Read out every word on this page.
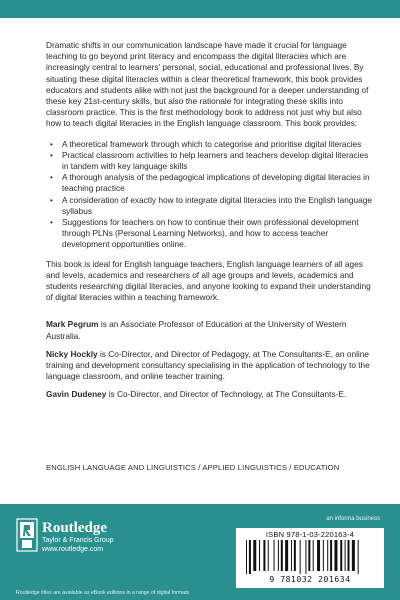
Dramatic shifts in our communication landscape have made it crucial for language teaching to go beyond print literacy and encompass the digital literacies which are increasingly central to learners' personal, social, educational and professional lives. By situating these digital literacies within a clear theoretical framework, this book provides educators and students alike with not just the background for a deeper understanding of these key 21st-century skills, but also the rationale for integrating these skills into classroom practice. This is the first methodology book to address not just why but also how to teach digital literacies in the English language classroom. This book provides:

• A theoretical framework through which to categorise and prioritise digital literacies
• Practical classroom activities to help learners and teachers develop digital literacies in tandem with key language skills
• A thorough analysis of the pedagogical implications of developing digital literacies in teaching practice
• A consideration of exactly how to integrate digital literacies into the English language syllabus
• Suggestions for teachers on how to continue their own professional development through PLNs (Personal Learning Networks), and how to access teacher development opportunities online.

This book is ideal for English language teachers, English language learners of all ages and levels, academics and researchers of all age groups and levels, academics and students researching digital literacies, and anyone looking to expand their understanding of digital literacies within a teaching framework.

Mark Pegrum is an Associate Professor of Education at the University of Western Australia.

Nicky Hockly is Co-Director, and Director of Pedagogy, at The Consultants-E, an online training and development consultancy specialising in the application of technology to the language classroom, and online teacher training.

Gavin Dudeney is Co-Director, and Director of Technology, at The Consultants-E.

ENGLISH LANGUAGE AND LINGUISTICS / APPLIED LINGUISTICS / EDUCATION
Routledge
Taylor & Francis Group
www.routledge.com
an informa business
ISBN 978-1-03-220163-4
9 781032 201634
Routledge titles are available as eBook editions in a range of digital formats
